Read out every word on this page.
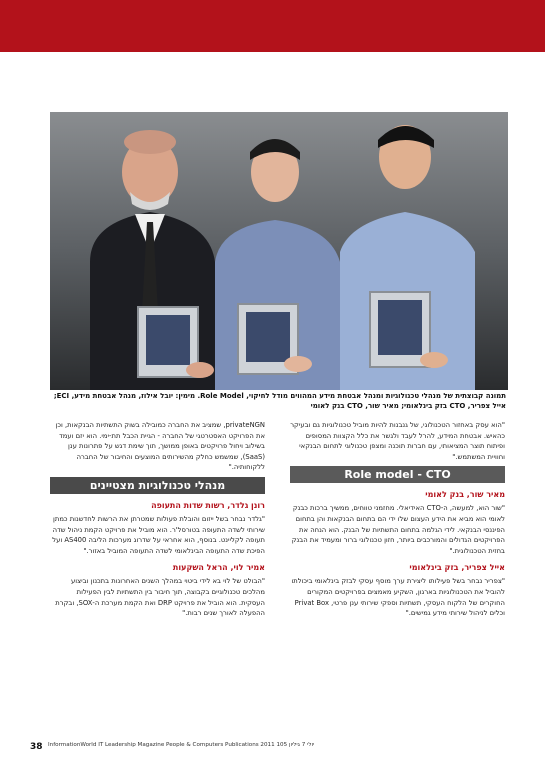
תמונה קבוצתית של מנהלי טכנולוגיות ומנהל אבטחת מידע המהווים מודל לחיקוי, Role Model. מימין: יובל אילוז, מנהל אבטחת מידע, ECI; אייל צפריר, CTO בזק בינלאומי; מאיר שור, CTO בנק לאומי

"הוא עסק באחזור הטכנולוגי, של גנבנות להיות מוביל טכנולוגיות גם ובעיקר כהאיש. אבטחת המידע, להרל לעבד ולגשר את כלל הקצוות המסופים ופיתוח תוצר המציאותי, עם חברות תוכנה ומצפן טכנולוגי לתחום הבנקאי וחוויית המשתמש."

Role model - CTO
מאיר שור, בנק לאומי

"שור הוא, למעשה, ה-CTO האידיאלי. מחזמני טווחים, ממשיך ברכות כבנק לאומי הוא מביא את הידע העצום שלו ידי הם בתחום הבנקאות והן בתחום הפיננסי הבנקאי. לידי הגלמה בתחום התשתיות של הבנק. הוא הנחה את הפרויקטים הגדולים והמורכבים ביותר, חזון טכנולוגי ברור ומעמיד את הבנק בחזית הטכנולוגית."

אייל צפריר, בזק בינלאומי

"צפריר נבחר בשל פעילותו ליצירת ערך מוסף עסקי לבזק בינלאומי ביכולתו להוביל את הטכנולוגיות בארגון, השקיע מאמצים בפרויקטים המקורים החוקרים של הלקוח העסקי, תשתיות וספקי שירותי ענן פרטי, Privat Box וכלים לניהול שירותי מידע גמישים."

privateNGN, שמציב את החברה כמובילה בשוק התשתיות הבנקאות, וכן את הפרויקט האסטרטגי של החברה - הגיית הכבל תת-ימי. הוא יזם ועמד בשילוב ויחול פרויקטים באופן ממושך, תוך שימת דגש על פתרונות ענן (SaaS), שמשמש כחלק מהשירותים המוצעים והחיבור של החברה ללקוחותיה."

מנהלי טכנולוגיות מצטיינים
רונן גלדר, רשות שדות התעופה

"גלדר נבחר בשל ייזום והובלת פעולות שמטרתן את הרשות לחדשנות כמתן שירותי לשדה התעופה בטורסל'ר. הוא מוביל את פרויקט הקמת ניהול שדה תעופה לקליינט. בנוסף, הוא אחראי על שדרוג מערכות הליבה AS400 ועל הפיכת שדה התעופה הבינלאומי לשדה התעופה המוביל באזור."

אמיר לוי, הראל השקעות

"הבולט של לוי בא לידי ביטוי במהלך השנים האחרונות בתכנון וביצוע מהלכים טכנולוגיים בקבוצה, תוך חיבור בין התשתיות לבין הפעילות העסקית. הוא הוביל את פרויקט DRP ואת הקמת מערכת ה-SOX, ובקרת ההפעלה לאורך שנים רבות."

38 InformationWorld IT Leadership Magazine People & Computers Publications 2011 יולי 7 גיליון 105
